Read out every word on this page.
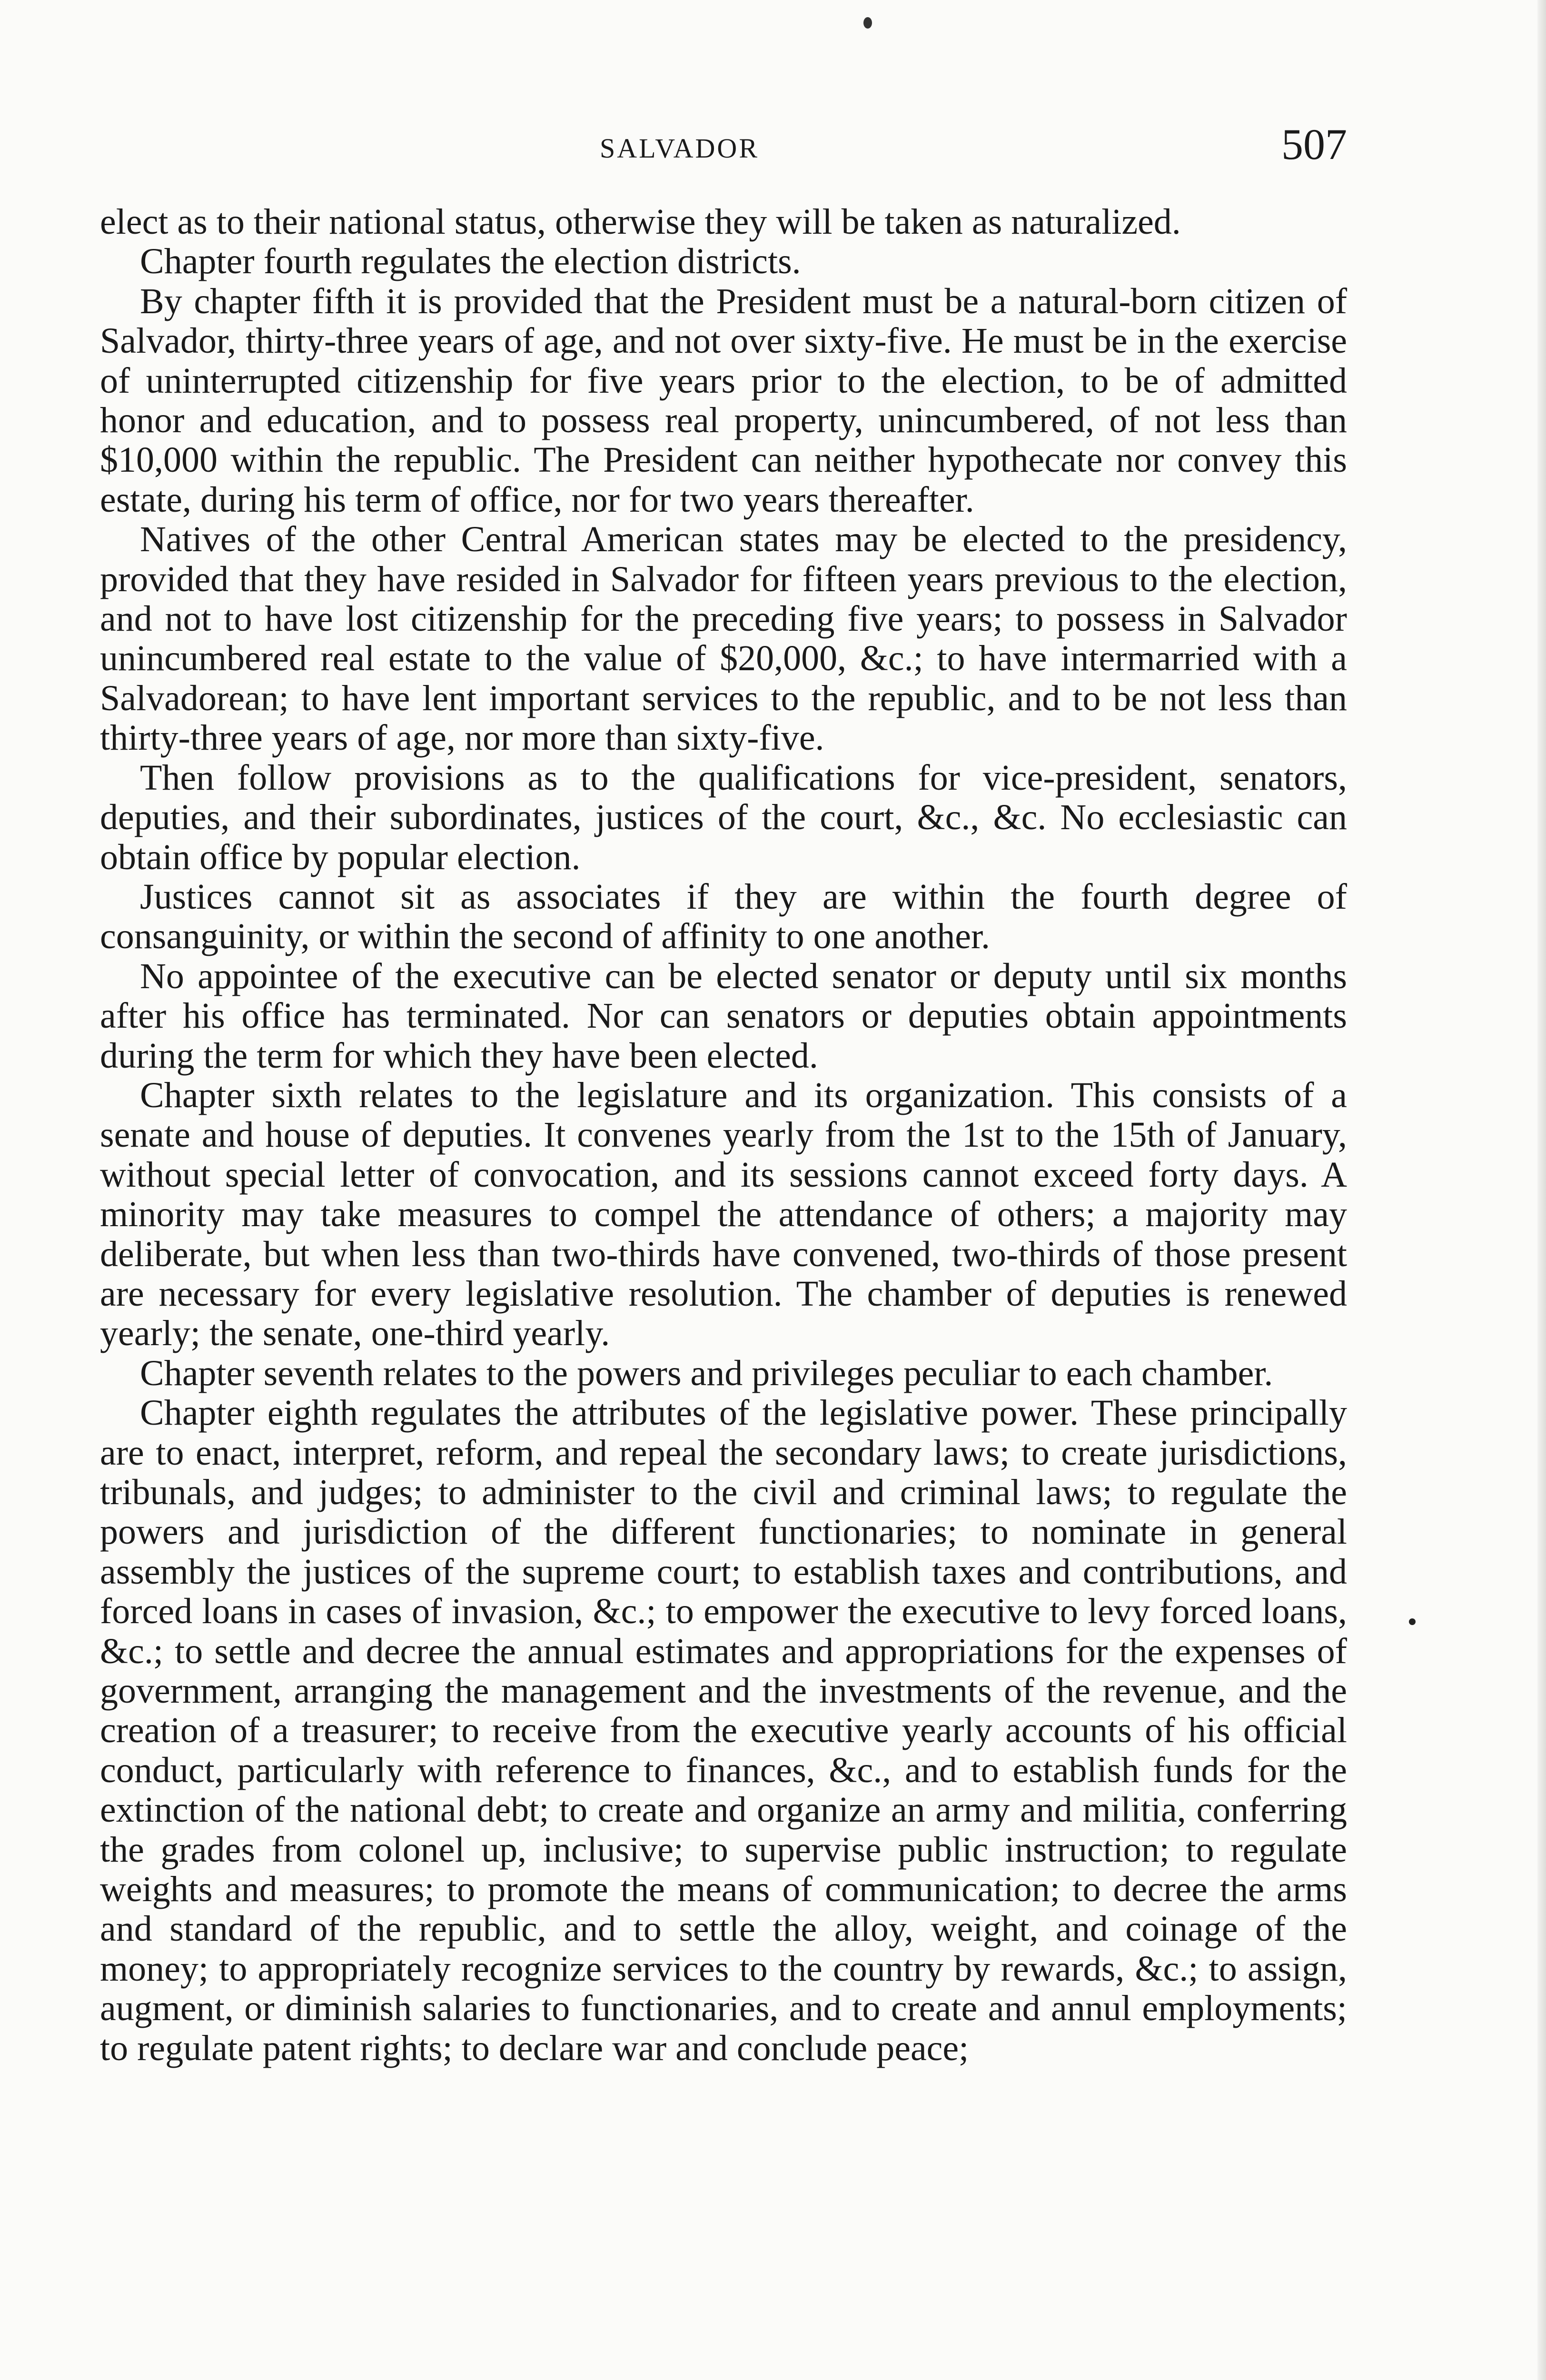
SALVADOR	507

elect as to their national status, otherwise they will be taken as naturalized.

Chapter fourth regulates the election districts.

By chapter fifth it is provided that the President must be a natural-born citizen of Salvador, thirty-three years of age, and not over sixty-five. He must be in the exercise of uninterrupted citizenship for five years prior to the election, to be of admitted honor and education, and to possess real property, unincumbered, of not less than $10,000 within the republic. The President can neither hypothecate nor convey this estate, during his term of office, nor for two years thereafter.

Natives of the other Central American states may be elected to the presidency, provided that they have resided in Salvador for fifteen years previous to the election, and not to have lost citizenship for the preceding five years; to possess in Salvador unincumbered real estate to the value of $20,000, &c.; to have intermarried with a Salvadorean; to have lent important services to the republic, and to be not less than thirty-three years of age, nor more than sixty-five.

Then follow provisions as to the qualifications for vice-president, senators, deputies, and their subordinates, justices of the court, &c., &c. No ecclesiastic can obtain office by popular election.

Justices cannot sit as associates if they are within the fourth degree of consanguinity, or within the second of affinity to one another.

No appointee of the executive can be elected senator or deputy until six months after his office has terminated. Nor can senators or deputies obtain appointments during the term for which they have been elected.

Chapter sixth relates to the legislature and its organization. This consists of a senate and house of deputies. It convenes yearly from the 1st to the 15th of January, without special letter of convocation, and its sessions cannot exceed forty days. A minority may take measures to compel the attendance of others; a majority may deliberate, but when less than two-thirds have convened, two-thirds of those present are necessary for every legislative resolution. The chamber of deputies is renewed yearly; the senate, one-third yearly.

Chapter seventh relates to the powers and privileges peculiar to each chamber.

Chapter eighth regulates the attributes of the legislative power. These principally are to enact, interpret, reform, and repeal the secondary laws; to create jurisdictions, tribunals, and judges; to administer to the civil and criminal laws; to regulate the powers and jurisdiction of the different functionaries; to nominate in general assembly the justices of the supreme court; to establish taxes and contributions, and forced loans in cases of invasion, &c.; to empower the executive to levy forced loans, &c.; to settle and decree the annual estimates and appropriations for the expenses of government, arranging the management and the investments of the revenue, and the creation of a treasurer; to receive from the executive yearly accounts of his official conduct, particularly with reference to finances, &c., and to establish funds for the extinction of the national debt; to create and organize an army and militia, conferring the grades from colonel up, inclusive; to supervise public instruction; to regulate weights and measures; to promote the means of communication; to decree the arms and standard of the republic, and to settle the alloy, weight, and coinage of the money; to appropriately recognize services to the country by rewards, &c.; to assign, augment, or diminish salaries to functionaries, and to create and annul employments; to regulate patent rights; to declare war and conclude peace;
